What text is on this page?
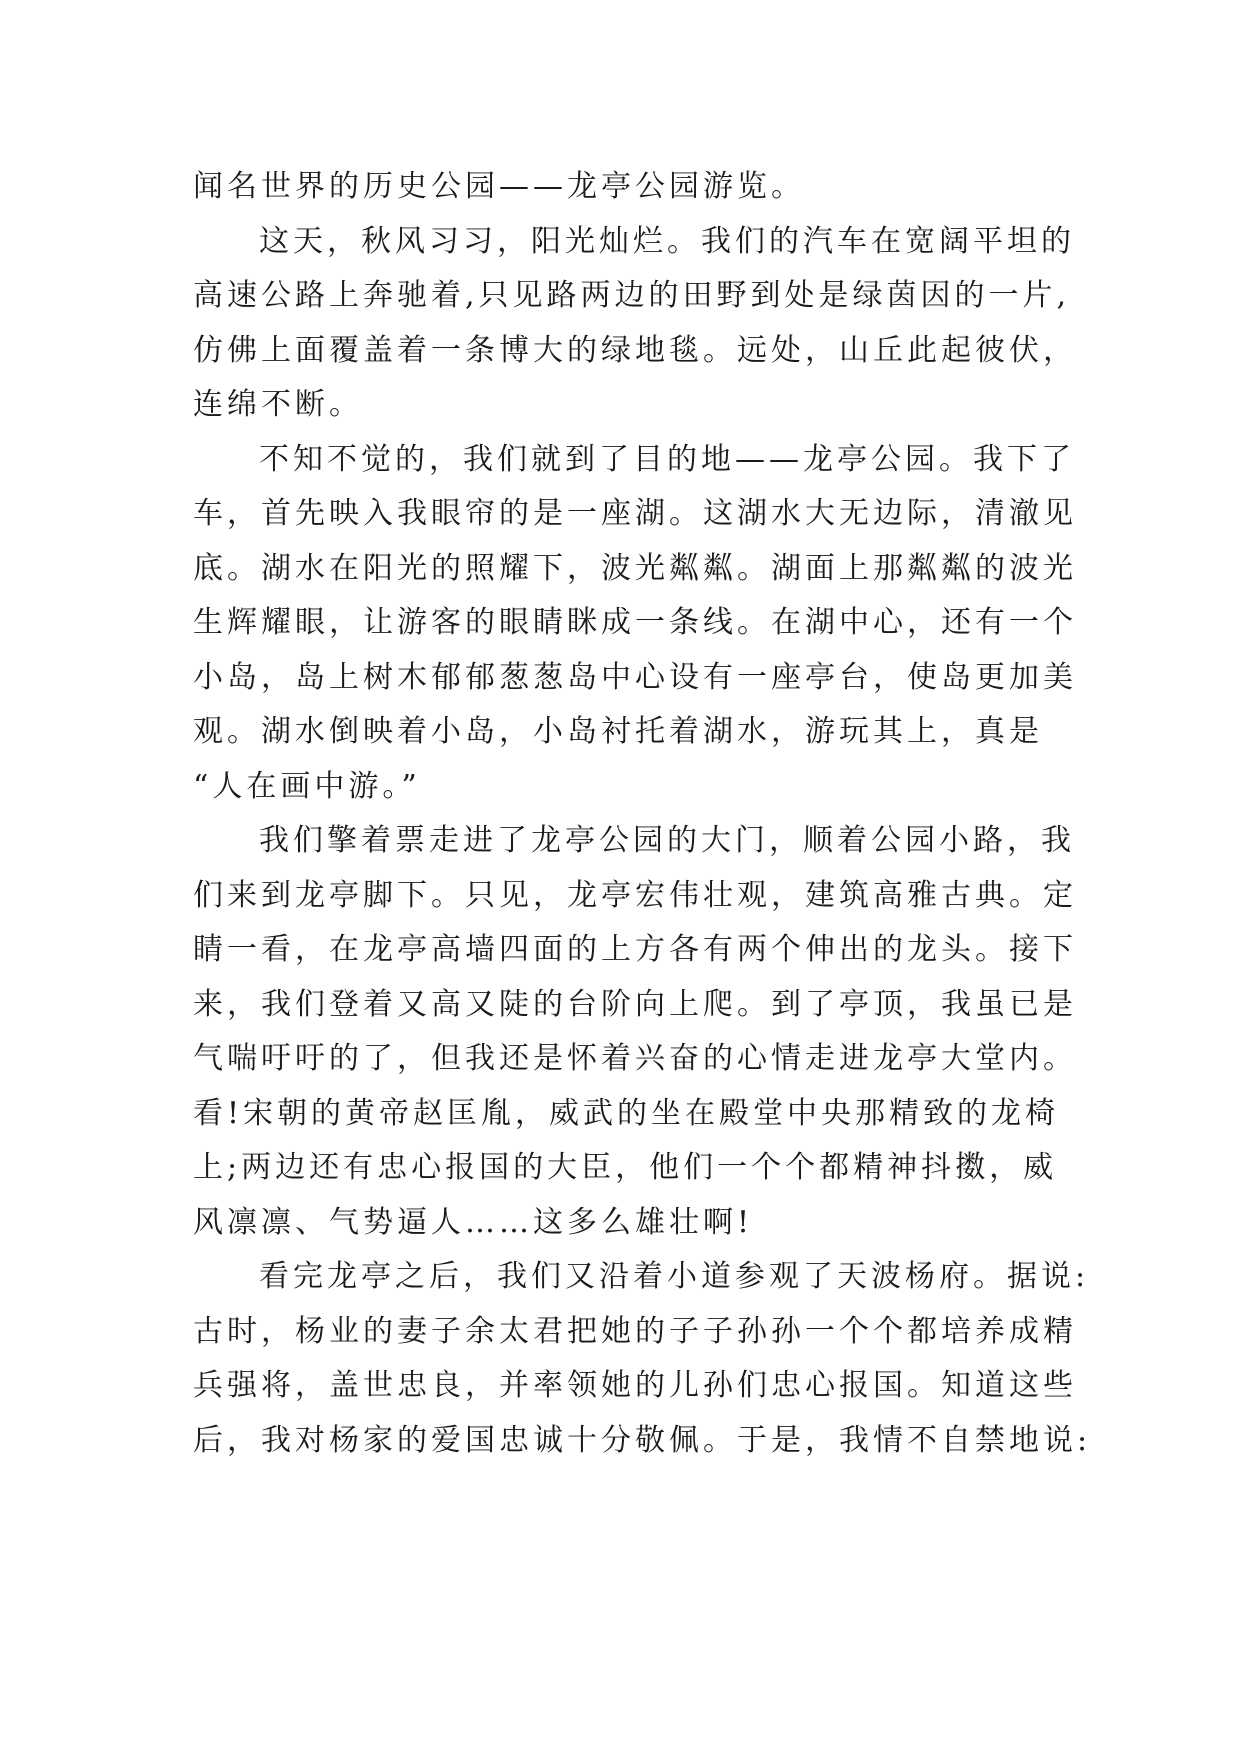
闻名世界的历史公园——龙亭公园游览。
这天，秋风习习，阳光灿烂。我们的汽车在宽阔平坦的
高速公路上奔驰着,只见路两边的田野到处是绿茵因的一片,
仿佛上面覆盖着一条博大的绿地毯。远处，山丘此起彼伏，
连绵不断。
不知不觉的，我们就到了目的地——龙亭公园。我下了
车，首先映入我眼帘的是一座湖。这湖水大无边际，清澈见
底。湖水在阳光的照耀下，波光粼粼。湖面上那粼粼的波光
生辉耀眼，让游客的眼睛眯成一条线。在湖中心，还有一个
小岛，岛上树木郁郁葱葱岛中心设有一座亭台，使岛更加美
观。湖水倒映着小岛，小岛衬托着湖水，游玩其上，真是
“人在画中游。”
我们擎着票走进了龙亭公园的大门，顺着公园小路，我
们来到龙亭脚下。只见，龙亭宏伟壮观，建筑高雅古典。定
睛一看，在龙亭高墙四面的上方各有两个伸出的龙头。接下
来，我们登着又高又陡的台阶向上爬。到了亭顶，我虽已是
气喘吁吁的了，但我还是怀着兴奋的心情走进龙亭大堂内。
看!宋朝的黄帝赵匡胤，威武的坐在殿堂中央那精致的龙椅
上;两边还有忠心报国的大臣，他们一个个都精神抖擞，威
风凛凛、气势逼人……这多么雄壮啊!
看完龙亭之后，我们又沿着小道参观了天波杨府。据说:
古时，杨业的妻子余太君把她的子子孙孙一个个都培养成精
兵强将，盖世忠良，并率领她的儿孙们忠心报国。知道这些
后，我对杨家的爱国忠诚十分敬佩。于是，我情不自禁地说:
